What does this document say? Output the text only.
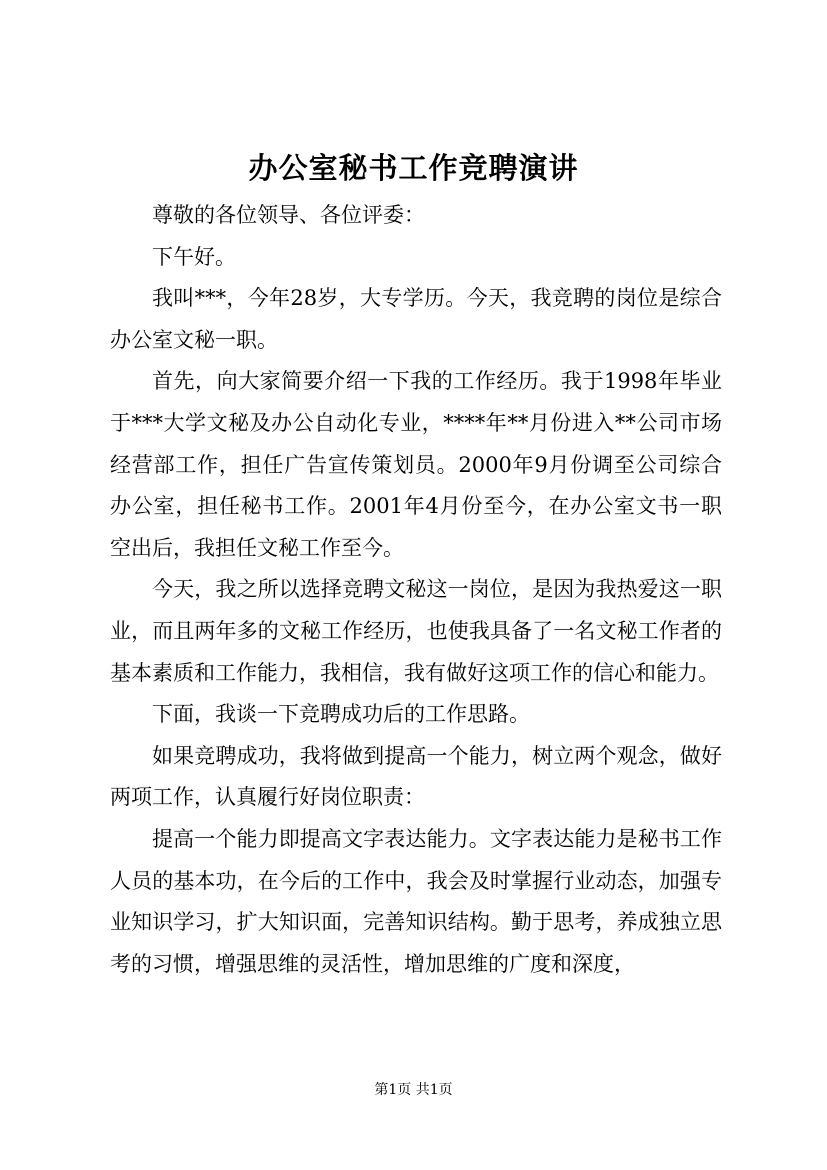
办公室秘书工作竞聘演讲

尊敬的各位领导、各位评委：

下午好。

我叫***，今年28岁，大专学历。今天，我竞聘的岗位是综合办公室文秘一职。

首先，向大家简要介绍一下我的工作经历。我于1998年毕业于***大学文秘及办公自动化专业，****年**月份进入**公司市场经营部工作，担任广告宣传策划员。2000年9月份调至公司综合办公室，担任秘书工作。2001年4月份至今，在办公室文书一职空出后，我担任文秘工作至今。

今天，我之所以选择竞聘文秘这一岗位，是因为我热爱这一职业，而且两年多的文秘工作经历，也使我具备了一名文秘工作者的基本素质和工作能力，我相信，我有做好这项工作的信心和能力。

下面，我谈一下竞聘成功后的工作思路。

如果竞聘成功，我将做到提高一个能力，树立两个观念，做好两项工作，认真履行好岗位职责：

提高一个能力即提高文字表达能力。文字表达能力是秘书工作人员的基本功，在今后的工作中，我会及时掌握行业动态，加强专业知识学习，扩大知识面，完善知识结构。勤于思考，养成独立思考的习惯，增强思维的灵活性，增加思维的广度和深度，

第1页 共1页
